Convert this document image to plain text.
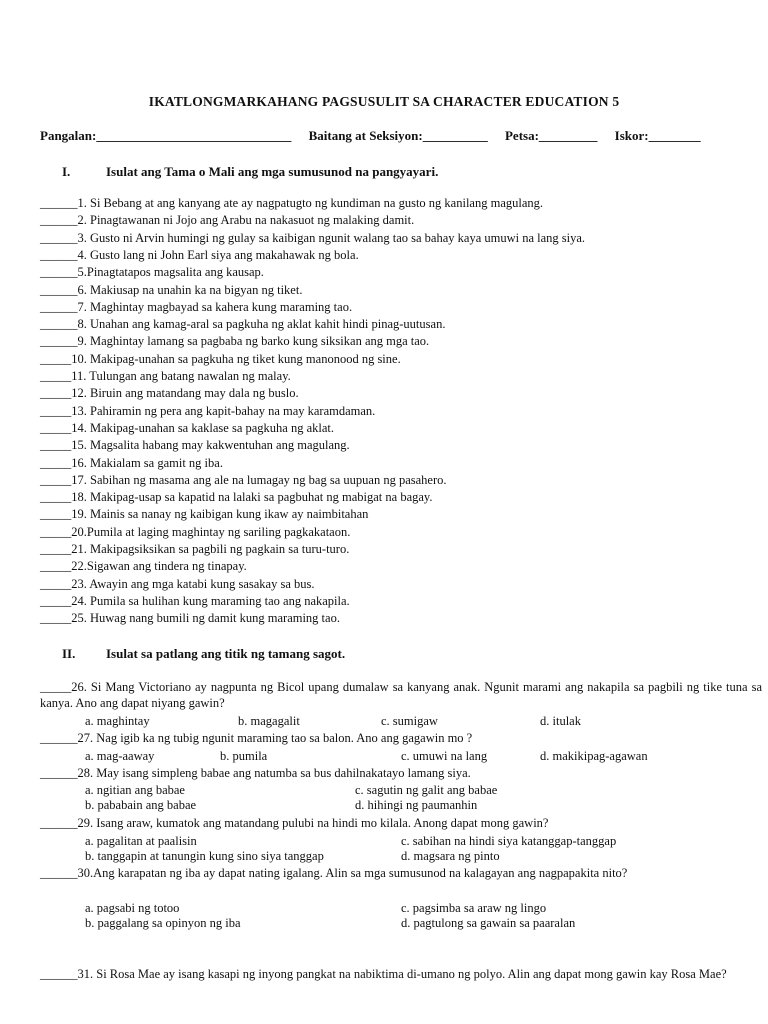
IKATLONGMARKAHANG PAGSUSULIT SA CHARACTER EDUCATION 5
Pangalan:______________________________ Baitang at Seksiyon:__________ Petsa:_________ Iskor:________
I.	Isulat ang Tama o Mali ang mga sumusunod na pangyayari.
______1. Si Bebang at ang kanyang ate ay nagpatugto ng kundiman na gusto ng kanilang magulang.
______2. Pinagtawanan ni Jojo ang Arabu na nakasuot ng malaking damit.
______3. Gusto ni Arvin humingi ng gulay sa kaibigan ngunit walang tao sa bahay kaya umuwi na lang siya.
______4. Gusto lang ni John Earl siya ang makahawak ng bola.
______5.Pinagtatapos magsalita ang kausap.
______6. Makiusap na unahin ka na bigyan ng tiket.
______7. Maghintay magbayad sa kahera kung maraming tao.
______8. Unahan ang kamag-aral sa pagkuha ng aklat kahit hindi pinag-uutusan.
______9. Maghintay lamang sa pagbaba ng barko kung siksikan ang mga tao.
_____10. Makipag-unahan sa pagkuha ng tiket kung manonood ng sine.
_____11. Tulungan ang batang nawalan ng malay.
_____12. Biruin ang matandang may dala ng buslo.
_____13. Pahiramin ng pera ang kapit-bahay na may karamdaman.
_____14. Makipag-unahan sa kaklase sa pagkuha ng aklat.
_____15. Magsalita habang may kakwentuhan ang magulang.
_____16. Makialam sa gamit ng iba.
_____17. Sabihan ng masama ang ale na lumagay ng bag sa uupuan ng pasahero.
_____18. Makipag-usap sa kapatid na lalaki sa pagbuhat ng mabigat na bagay.
_____19. Mainis sa nanay ng kaibigan kung ikaw ay naimbitahan
_____20.Pumila at laging maghintay ng sariling pagkakataon.
_____21. Makipagsiksikan sa pagbili ng pagkain sa turu-turo.
_____22.Sigawan ang tindera ng tinapay.
_____23. Awayin ang mga katabi kung sasakay sa bus.
_____24. Pumila sa hulihan kung maraming tao ang nakapila.
_____25. Huwag nang bumili ng damit kung maraming tao.
II. Isulat sa patlang ang titik ng tamang sagot.
_____26. Si Mang Victoriano ay nagpunta ng Bicol upang dumalaw sa kanyang anak. Ngunit marami ang nakapila sa pagbili ng tike tuna sa kanya. Ano ang dapat niyang gawin?
a. maghintay	b. magagalit	c. sumigaw	d. itulak
______27. Nag igib ka ng tubig ngunit maraming tao sa balon. Ano ang gagawin mo ?
a. mag-aaway	b. pumila	c. umuwi na lang	d. makikipag-agawan
______28. May isang simpleng babae ang natumba sa bus dahilnakatayo lamang siya.
a. ngitian ang babae	c. sagutin ng galit ang babae
b. pababain ang babae	d. hihingi ng paumanhin
______29. Isang araw, kumatok ang matandang pulubi na hindi mo kilala. Anong dapat mong gawin?
a. pagalitan at paalisin	c. sabihan na hindi siya katanggap-tanggap
b. tanggapin at tanungin kung sino siya tanggap	d. magsara ng pinto
______30.Ang karapatan ng iba ay dapat nating igalang. Alin sa mga sumusunod na kalagayan ang nagpapakita nito?
a. pagsabi ng totoo	c. pagsimba sa araw ng lingo
b. paggalang sa opinyon ng iba	d. pagtulong sa gawain sa paaralan
______31. Si Rosa Mae ay isang kasapi ng inyong pangkat na nabiktima di-umano ng polyo. Alin ang dapat mong gawin kay Rosa Mae?
